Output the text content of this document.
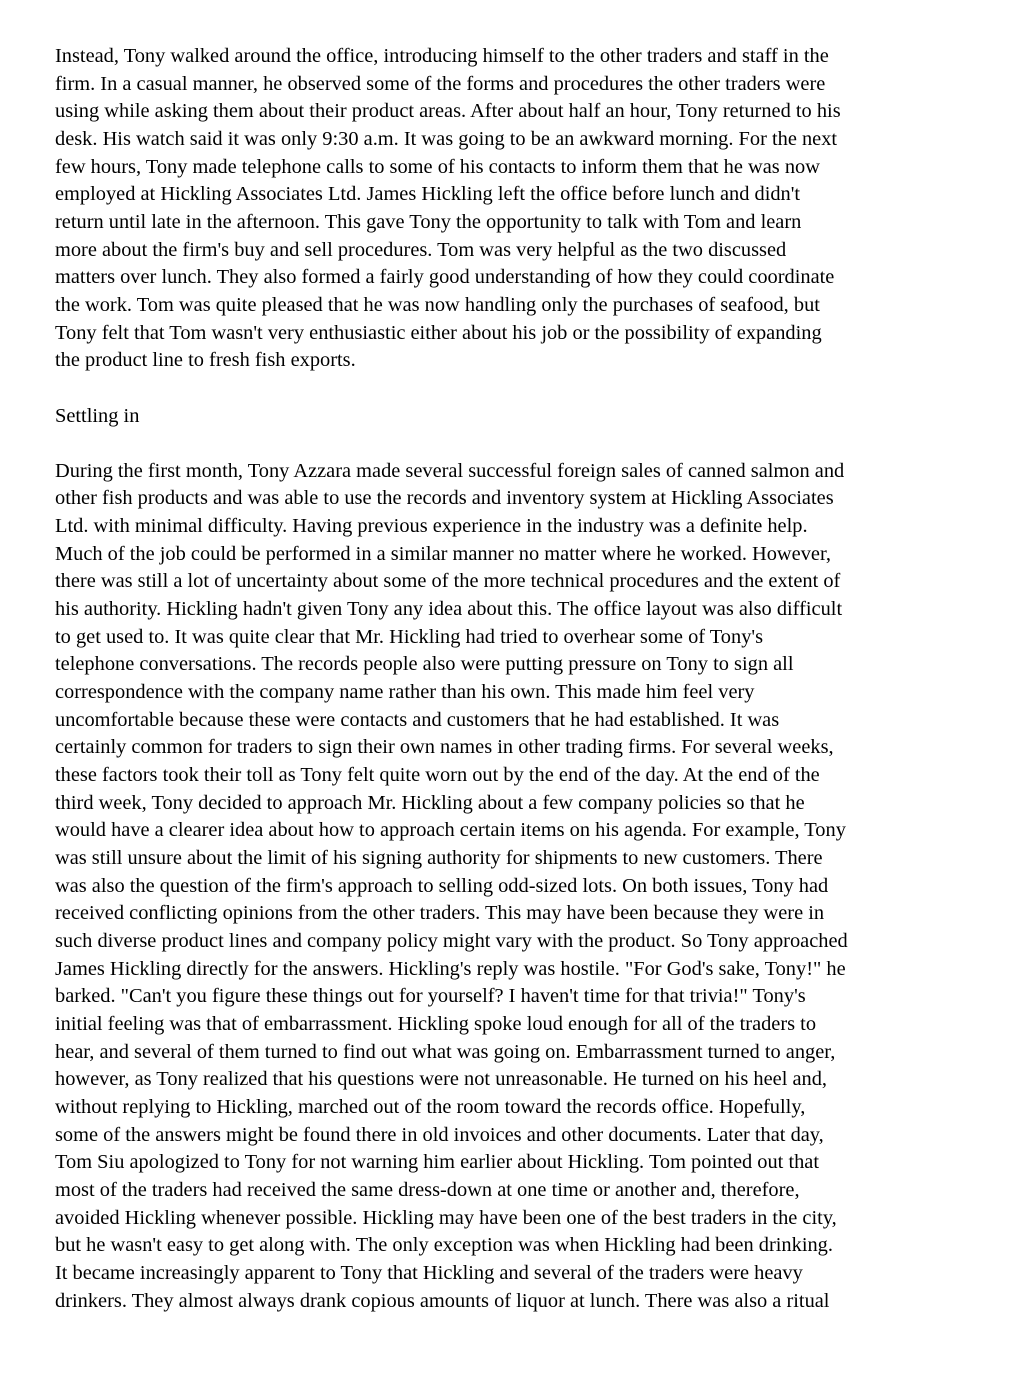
Instead, Tony walked around the office, introducing himself to the other traders and staff in the
firm. In a casual manner, he observed some of the forms and procedures the other traders were
using while asking them about their product areas. After about half an hour, Tony returned to his
desk. His watch said it was only 9:30 a.m. It was going to be an awkward morning. For the next
few hours, Tony made telephone calls to some of his contacts to inform them that he was now
employed at Hickling Associates Ltd. James Hickling left the office before lunch and didn't
return until late in the afternoon. This gave Tony the opportunity to talk with Tom and learn
more about the firm's buy and sell procedures. Tom was very helpful as the two discussed
matters over lunch. They also formed a fairly good understanding of how they could coordinate
the work. Tom was quite pleased that he was now handling only the purchases of seafood, but
Tony felt that Tom wasn't very enthusiastic either about his job or the possibility of expanding
the product line to fresh fish exports.
Settling in
During the first month, Tony Azzara made several successful foreign sales of canned salmon and
other fish products and was able to use the records and inventory system at Hickling Associates
Ltd. with minimal difficulty. Having previous experience in the industry was a definite help.
Much of the job could be performed in a similar manner no matter where he worked. However,
there was still a lot of uncertainty about some of the more technical procedures and the extent of
his authority. Hickling hadn't given Tony any idea about this. The office layout was also difficult
to get used to. It was quite clear that Mr. Hickling had tried to overhear some of Tony's
telephone conversations. The records people also were putting pressure on Tony to sign all
correspondence with the company name rather than his own. This made him feel very
uncomfortable because these were contacts and customers that he had established. It was
certainly common for traders to sign their own names in other trading firms. For several weeks,
these factors took their toll as Tony felt quite worn out by the end of the day. At the end of the
third week, Tony decided to approach Mr. Hickling about a few company policies so that he
would have a clearer idea about how to approach certain items on his agenda. For example, Tony
was still unsure about the limit of his signing authority for shipments to new customers. There
was also the question of the firm's approach to selling odd-sized lots. On both issues, Tony had
received conflicting opinions from the other traders. This may have been because they were in
such diverse product lines and company policy might vary with the product. So Tony approached
James Hickling directly for the answers. Hickling's reply was hostile. "For God's sake, Tony!" he
barked. "Can't you figure these things out for yourself? I haven't time for that trivia!" Tony's
initial feeling was that of embarrassment. Hickling spoke loud enough for all of the traders to
hear, and several of them turned to find out what was going on. Embarrassment turned to anger,
however, as Tony realized that his questions were not unreasonable. He turned on his heel and,
without replying to Hickling, marched out of the room toward the records office. Hopefully,
some of the answers might be found there in old invoices and other documents. Later that day,
Tom Siu apologized to Tony for not warning him earlier about Hickling. Tom pointed out that
most of the traders had received the same dress-down at one time or another and, therefore,
avoided Hickling whenever possible. Hickling may have been one of the best traders in the city,
but he wasn't easy to get along with. The only exception was when Hickling had been drinking.
It became increasingly apparent to Tony that Hickling and several of the traders were heavy
drinkers. They almost always drank copious amounts of liquor at lunch. There was also a ritual
